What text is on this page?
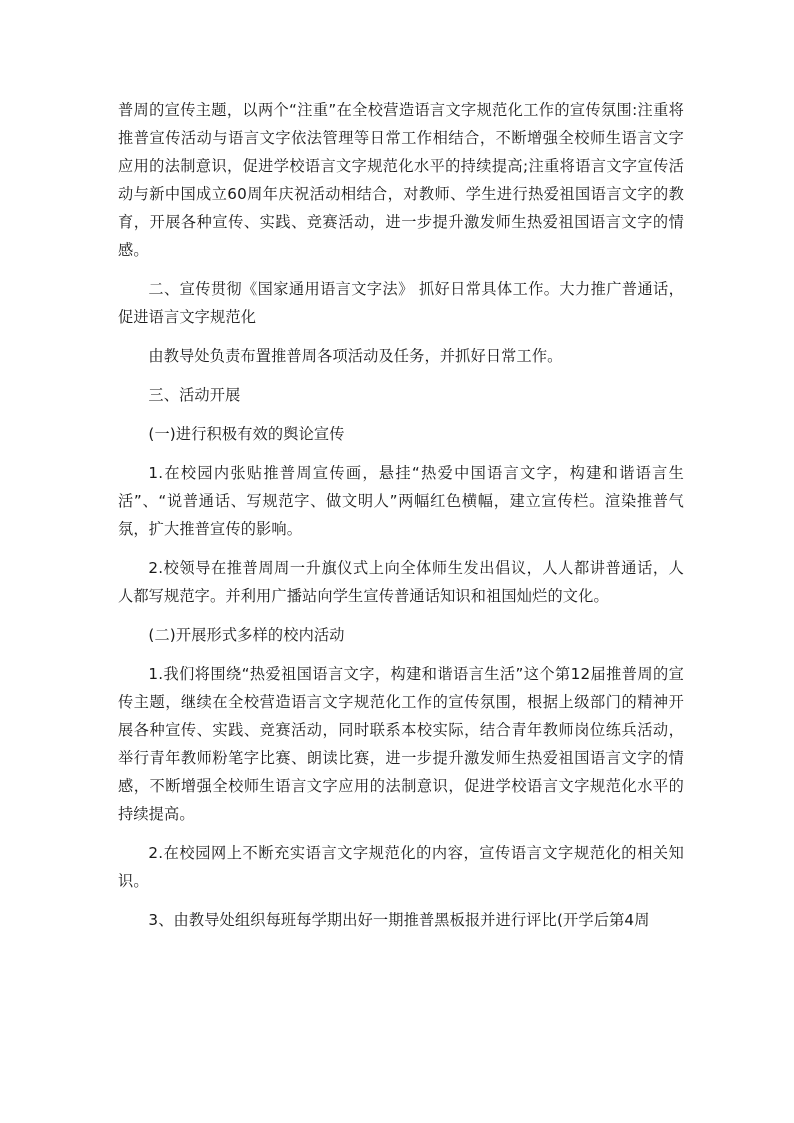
普周的宣传主题，以两个“注重”在全校营造语言文字规范化工作的宣传氛围:注重将推普宣传活动与语言文字依法管理等日常工作相结合，不断增强全校师生语言文字应用的法制意识，促进学校语言文字规范化水平的持续提高;注重将语言文字宣传活动与新中国成立60周年庆祝活动相结合，对教师、学生进行热爱祖国语言文字的教育，开展各种宣传、实践、竞赛活动，进一步提升激发师生热爱祖国语言文字的情感。

二、宣传贯彻《国家通用语言文字法》 抓好日常具体工作。大力推广普通话，促进语言文字规范化

由教导处负责布置推普周各项活动及任务，并抓好日常工作。

三、活动开展

(一)进行积极有效的舆论宣传

1.在校园内张贴推普周宣传画，悬挂“热爱中国语言文字，构建和谐语言生活”、“说普通话、写规范字、做文明人”两幅红色横幅，建立宣传栏。渲染推普气氛，扩大推普宣传的影响。

2.校领导在推普周周一升旗仪式上向全体师生发出倡议，人人都讲普通话，人人都写规范字。并利用广播站向学生宣传普通话知识和祖国灿烂的文化。

(二)开展形式多样的校内活动

1.我们将围绕“热爱祖国语言文字，构建和谐语言生活”这个第12届推普周的宣传主题，继续在全校营造语言文字规范化工作的宣传氛围，根据上级部门的精神开展各种宣传、实践、竞赛活动，同时联系本校实际，结合青年教师岗位练兵活动，举行青年教师粉笔字比赛、朗读比赛，进一步提升激发师生热爱祖国语言文字的情感，不断增强全校师生语言文字应用的法制意识，促进学校语言文字规范化水平的持续提高。

2.在校园网上不断充实语言文字规范化的内容，宣传语言文字规范化的相关知识。

3、由教导处组织每班每学期出好一期推普黑板报并进行评比(开学后第4周
